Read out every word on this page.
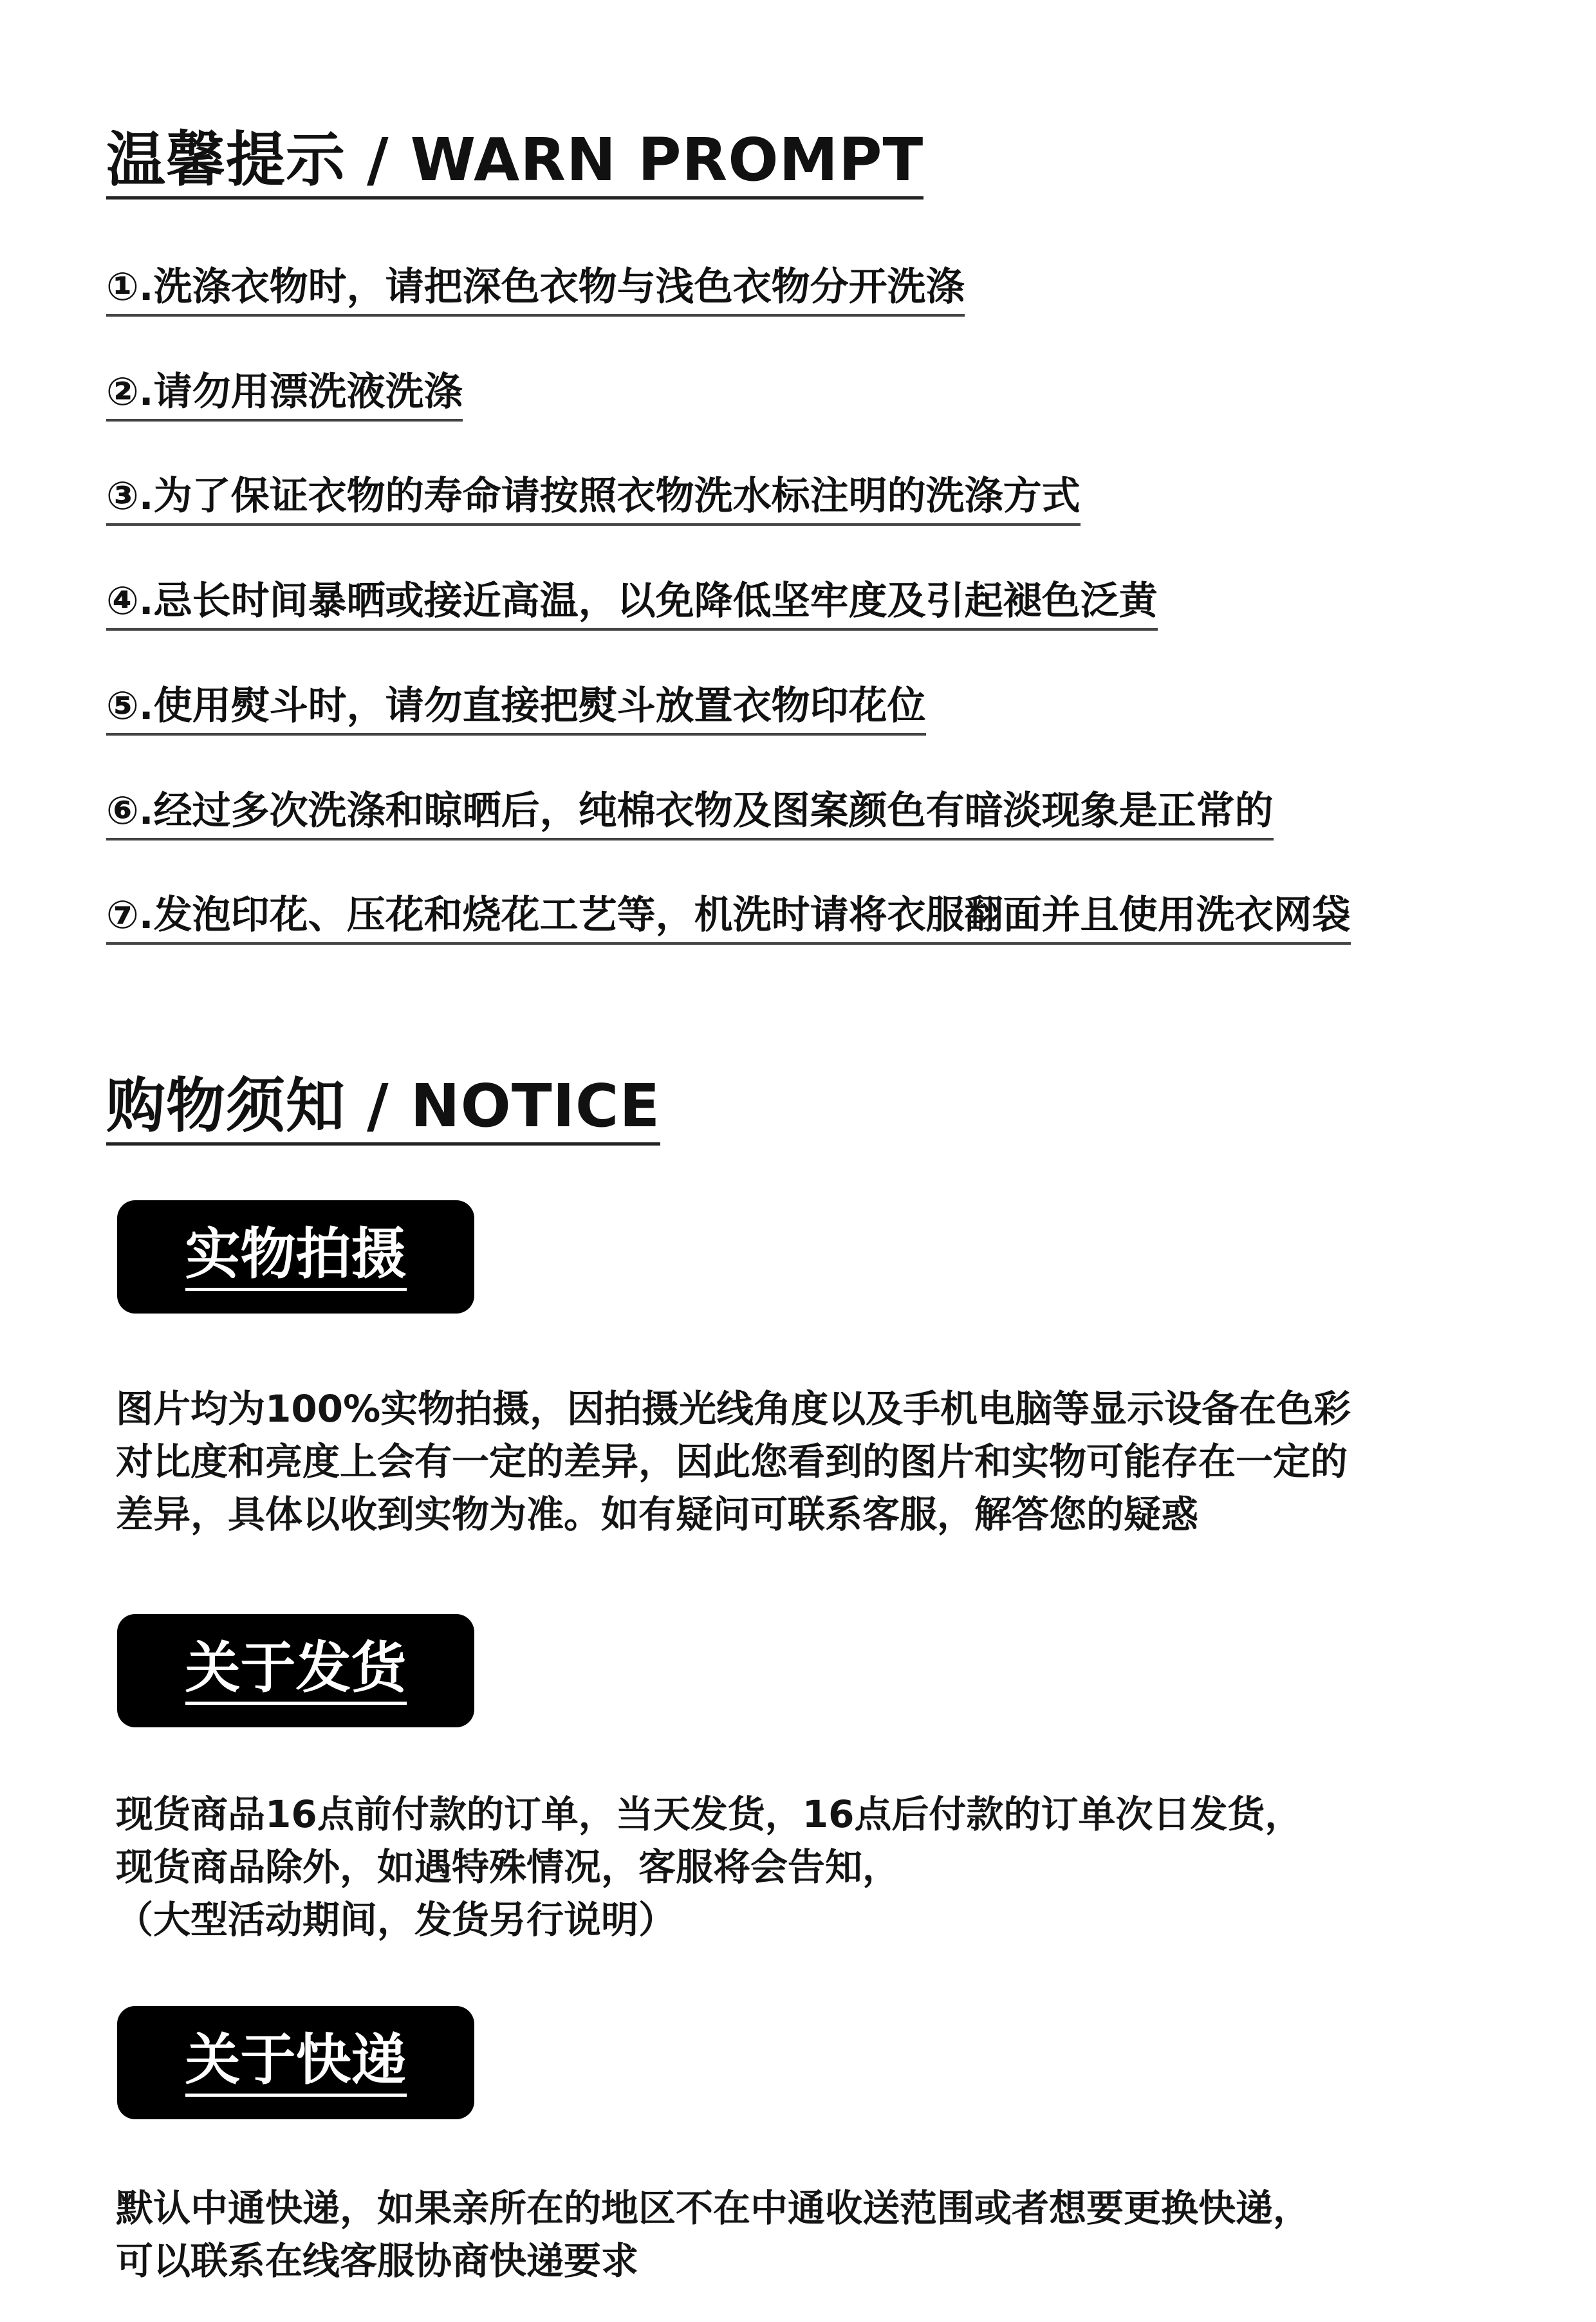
温馨提示 / WARN PROMPT
①.洗涤衣物时，请把深色衣物与浅色衣物分开洗涤
②.请勿用漂洗液洗涤
③.为了保证衣物的寿命请按照衣物洗水标注明的洗涤方式
④.忌长时间暴晒或接近高温，以免降低坚牢度及引起褪色泛黄
⑤.使用熨斗时，请勿直接把熨斗放置衣物印花位
⑥.经过多次洗涤和晾晒后，纯棉衣物及图案颜色有暗淡现象是正常的
⑦.发泡印花、压花和烧花工艺等，机洗时请将衣服翻面并且使用洗衣网袋
购物须知 / NOTICE
实物拍摄
图片均为100%实物拍摄，因拍摄光线角度以及手机电脑等显示设备在色彩
对比度和亮度上会有一定的差异，因此您看到的图片和实物可能存在一定的
差异，具体以收到实物为准。如有疑问可联系客服，解答您的疑惑
关于发货
现货商品16点前付款的订单，当天发货，16点后付款的订单次日发货，
现货商品除外，如遇特殊情况，客服将会告知，
（大型活动期间，发货另行说明）
关于快递
默认中通快递，如果亲所在的地区不在中通收送范围或者想要更换快递，
可以联系在线客服协商快递要求
